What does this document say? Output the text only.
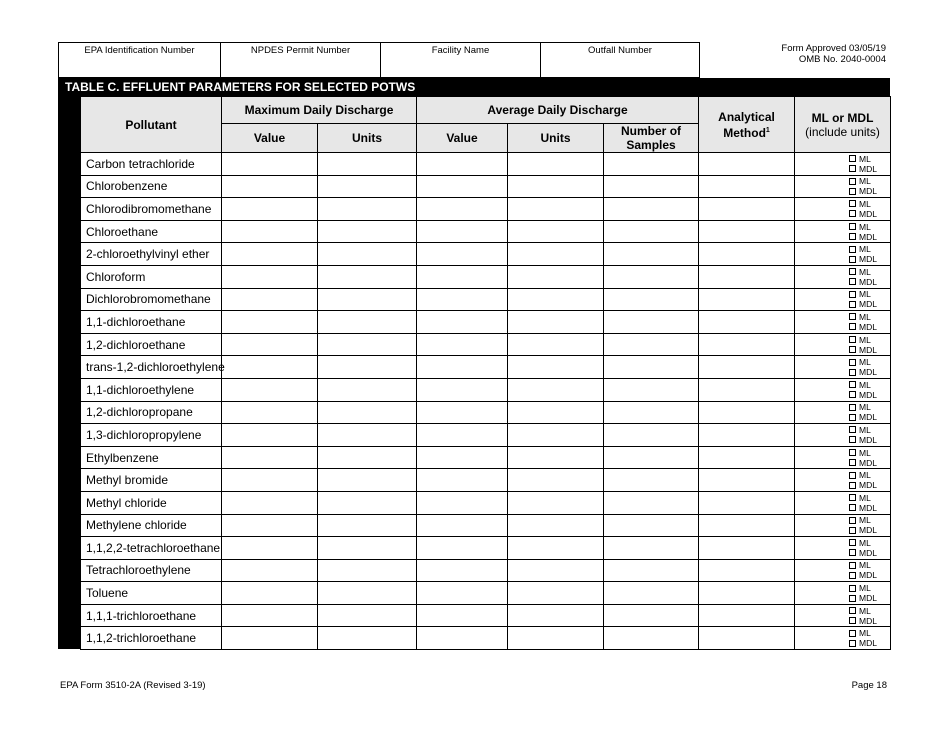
EPA Identification Number	NPDES Permit Number	Facility Name	Outfall Number	Form Approved 03/05/19
OMB No. 2040-0004
TABLE C. EFFLUENT PARAMETERS FOR SELECTED POTWS
Pollutant	Maximum Daily Discharge		Average Daily Discharge			Analytical Method$^1$	ML or MDL
(include units)

	Value	Units	Value	Units	Number of Samples		
Carbon tetrachloride							ML
MDL

Chlorobenzene							ML
MDL

Chlorodibromomethane							ML
MDL

Chloroethane							ML
MDL

2-chloroethylvinyl ether							ML
MDL

Chloroform							ML
MDL

Dichlorobromomethane							ML
MDL

1,1-dichloroethane							ML
MDL

1,2-dichloroethane							ML
MDL

trans-1,2-dichloroethylene							ML
MDL

1,1-dichloroethylene							ML
MDL

1,2-dichloropropane							ML
MDL

1,3-dichloropropylene							ML
MDL

Ethylbenzene							ML
MDL

Methyl bromide							ML
MDL

Methyl chloride							ML
MDL

Methylene chloride							ML
MDL

1,1,2,2-tetrachloroethane							ML
MDL

Tetrachloroethylene							ML
MDL

Toluene							ML
MDL

1,1,1-trichloroethane							ML
MDL

1,1,2-trichloroethane							ML
MDL
EPA Form 3510-2A (Revised 3-19)	Page 18
